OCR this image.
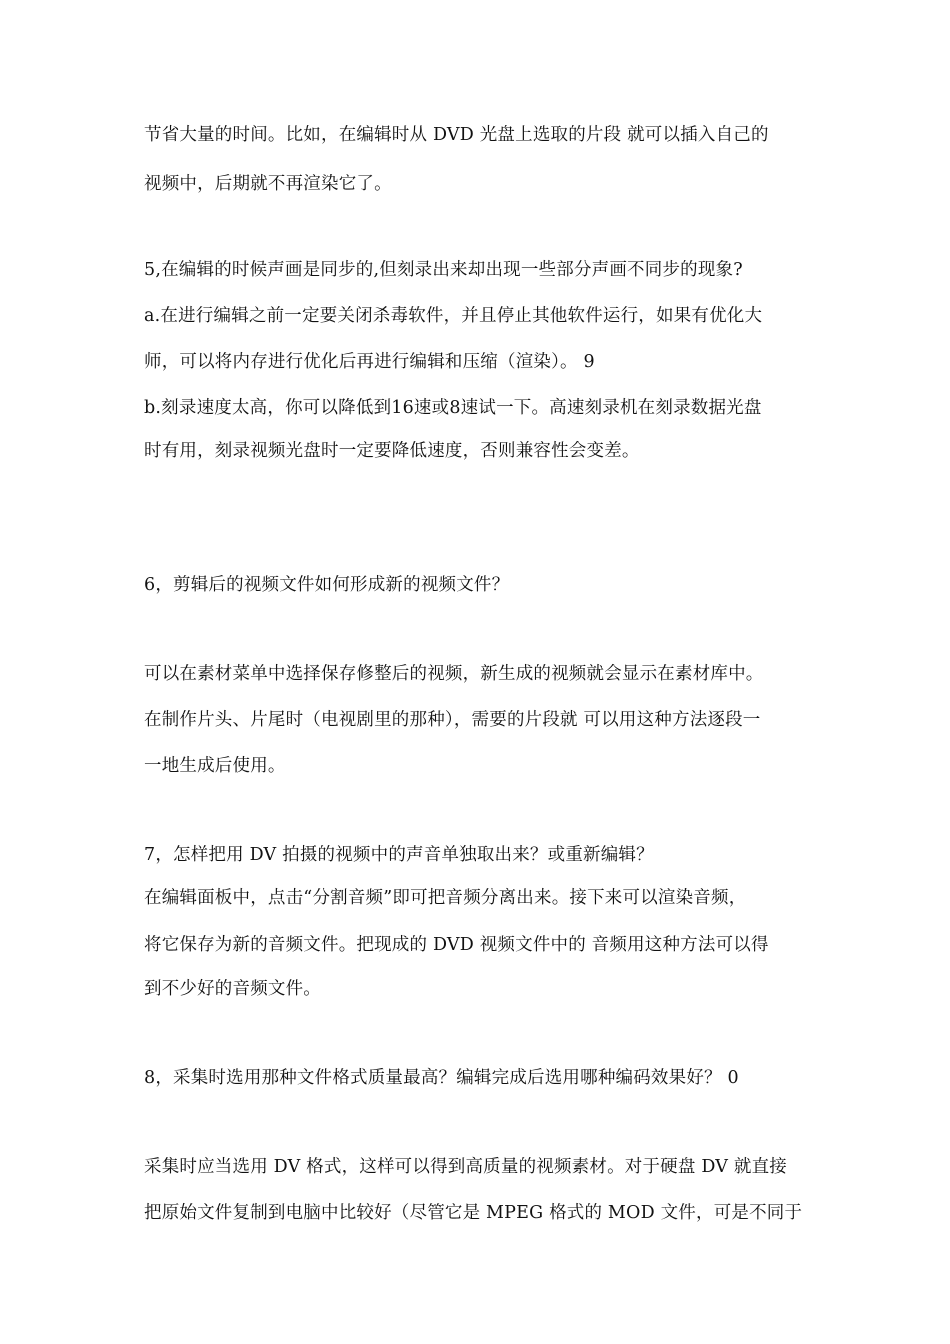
节省大量的时间。比如，在编辑时从 DVD 光盘上选取的片段 就可以插入自己的
视频中，后期就不再渲染它了。
5,在编辑的时候声画是同步的,但刻录出来却出现一些部分声画不同步的现象?
a.在进行编辑之前一定要关闭杀毒软件，并且停止其他软件运行，如果有优化大
师，可以将内存进行优化后再进行编辑和压缩（渲染）。 9
b.刻录速度太高，你可以降低到16速或8速试一下。高速刻录机在刻录数据光盘
时有用，刻录视频光盘时一定要降低速度，否则兼容性会变差。
6，剪辑后的视频文件如何形成新的视频文件？
可以在素材菜单中选择保存修整后的视频，新生成的视频就会显示在素材库中。
在制作片头、片尾时（电视剧里的那种），需要的片段就 可以用这种方法逐段一
一地生成后使用。
7，怎样把用 DV 拍摄的视频中的声音单独取出来？或重新编辑？
在编辑面板中，点击“分割音频”即可把音频分离出来。接下来可以渲染音频，
将它保存为新的音频文件。把现成的 DVD 视频文件中的 音频用这种方法可以得
到不少好的音频文件。
8，采集时选用那种文件格式质量最高？编辑完成后选用哪种编码效果好？ 0
采集时应当选用 DV 格式，这样可以得到高质量的视频素材。对于硬盘 DV 就直接
把原始文件复制到电脑中比较好（尽管它是 MPEG 格式的 MOD 文件，可是不同于
